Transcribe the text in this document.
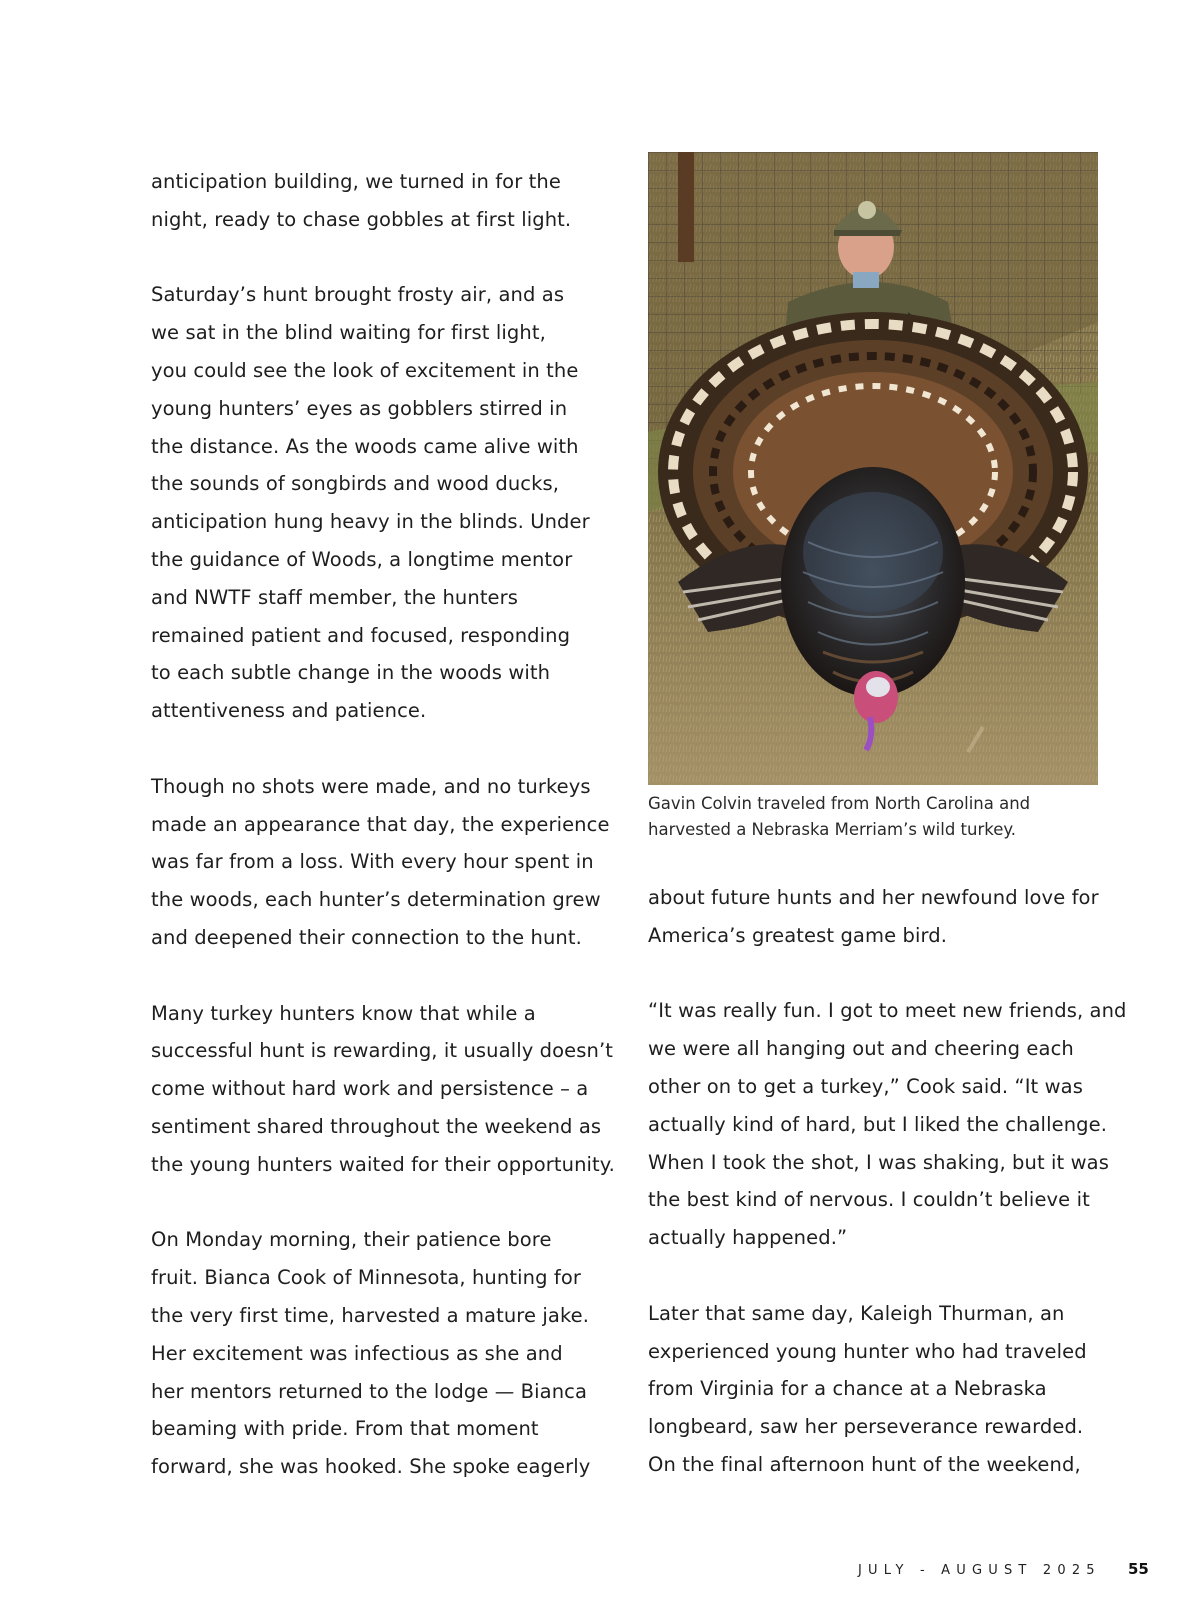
anticipation building, we turned in for the
night, ready to chase gobbles at first light.

Saturday’s hunt brought frosty air, and as
we sat in the blind waiting for first light,
you could see the look of excitement in the
young hunters’ eyes as gobblers stirred in
the distance. As the woods came alive with
the sounds of songbirds and wood ducks,
anticipation hung heavy in the blinds. Under
the guidance of Woods, a longtime mentor
and NWTF staff member, the hunters
remained patient and focused, responding
to each subtle change in the woods with
attentiveness and patience.

Though no shots were made, and no turkeys
made an appearance that day, the experience
was far from a loss. With every hour spent in
the woods, each hunter’s determination grew
and deepened their connection to the hunt.

Many turkey hunters know that while a
successful hunt is rewarding, it usually doesn’t
come without hard work and persistence – a
sentiment shared throughout the weekend as
the young hunters waited for their opportunity.

On Monday morning, their patience bore
fruit. Bianca Cook of Minnesota, hunting for
the very first time, harvested a mature jake.
Her excitement was infectious as she and
her mentors returned to the lodge — Bianca
beaming with pride. From that moment
forward, she was hooked. She spoke eagerly

Gavin Colvin traveled from North Carolina and
harvested a Nebraska Merriam’s wild turkey.

about future hunts and her newfound love for
America’s greatest game bird.

“It was really fun. I got to meet new friends, and
we were all hanging out and cheering each
other on to get a turkey,” Cook said. “It was
actually kind of hard, but I liked the challenge.
When I took the shot, I was shaking, but it was
the best kind of nervous. I couldn’t believe it
actually happened.”

Later that same day, Kaleigh Thurman, an
experienced young hunter who had traveled
from Virginia for a chance at a Nebraska
longbeard, saw her perseverance rewarded.
On the final afternoon hunt of the weekend,

JULY - AUGUST 2025 55
